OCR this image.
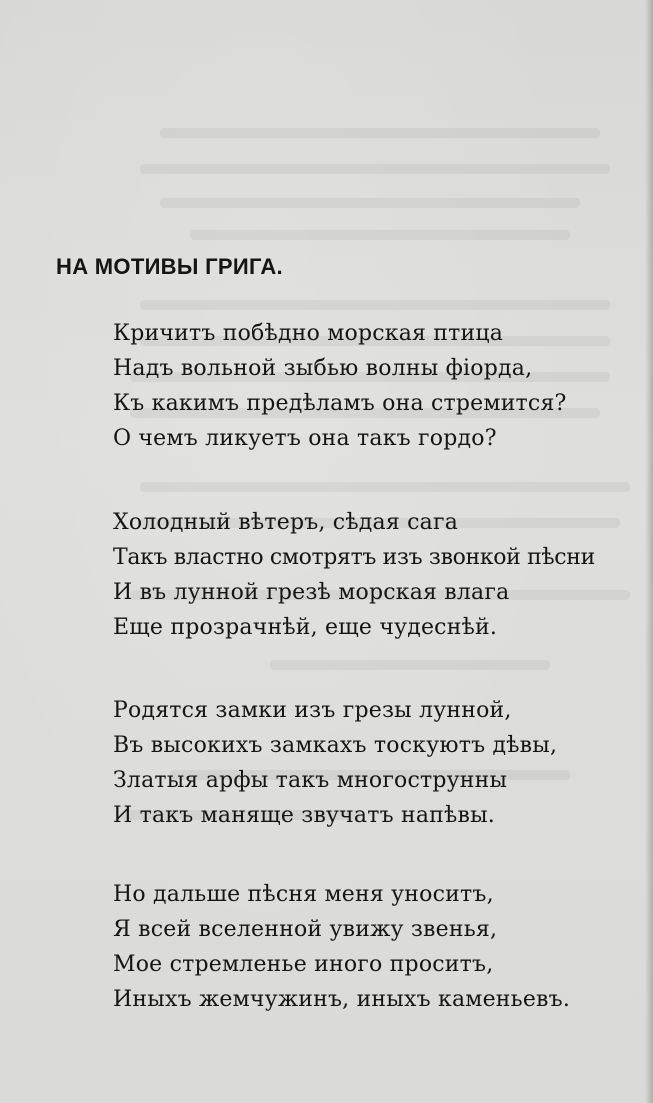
НА МОТИВЫ ГРИГА.
Кричитъ побѣдно морская птица
Надъ вольной зыбью волны фіорда,
Къ какимъ предѣламъ она стремится?
О чемъ ликуетъ она такъ гордо?
Холодный вѣтеръ, сѣдая сага
Такъ властно смотрятъ изъ звонкой пѣсни
И въ лунной грезѣ морская влага
Еще прозрачнѣй, еще чудеснѣй.
Родятся замки изъ грезы лунной,
Въ высокихъ замкахъ тоскуютъ дѣвы,
Златыя арфы такъ многострунны
И такъ маняще звучатъ напѣвы.
Но дальше пѣсня меня уноситъ,
Я всей вселенной увижу звенья,
Мое стремленье иного проситъ,
Иныхъ жемчужинъ, иныхъ каменьевъ.
